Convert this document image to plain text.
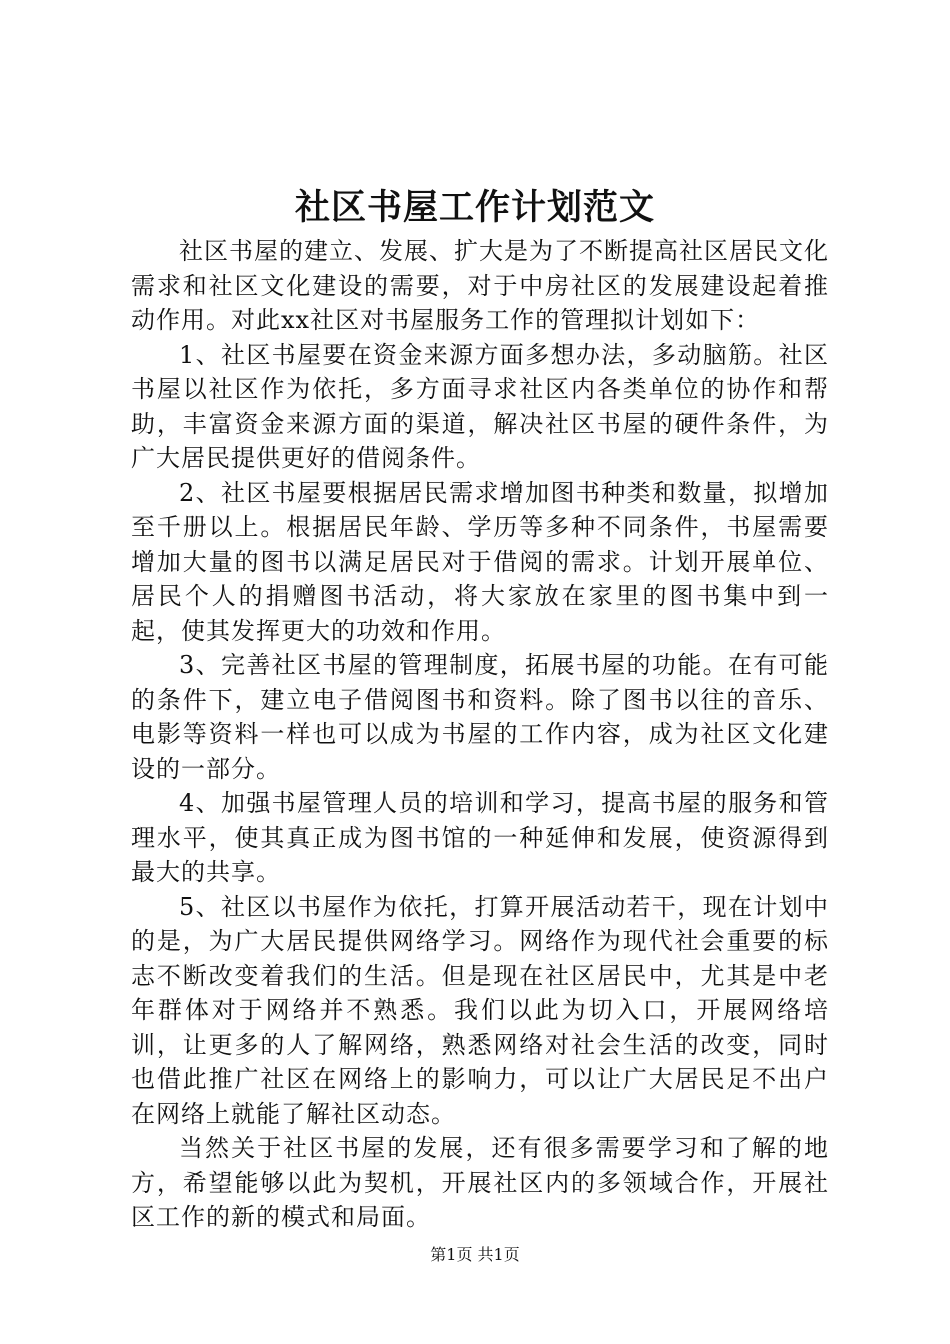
社区书屋工作计划范文

社区书屋的建立、发展、扩大是为了不断提高社区居民文化需求和社区文化建设的需要，对于中房社区的发展建设起着推动作用。对此xx社区对书屋服务工作的管理拟计划如下：

1、社区书屋要在资金来源方面多想办法，多动脑筋。社区书屋以社区作为依托，多方面寻求社区内各类单位的协作和帮助，丰富资金来源方面的渠道，解决社区书屋的硬件条件，为广大居民提供更好的借阅条件。

2、社区书屋要根据居民需求增加图书种类和数量，拟增加至千册以上。根据居民年龄、学历等多种不同条件，书屋需要增加大量的图书以满足居民对于借阅的需求。计划开展单位、居民个人的捐赠图书活动，将大家放在家里的图书集中到一起，使其发挥更大的功效和作用。

3、完善社区书屋的管理制度，拓展书屋的功能。在有可能的条件下，建立电子借阅图书和资料。除了图书以往的音乐、电影等资料一样也可以成为书屋的工作内容，成为社区文化建设的一部分。

4、加强书屋管理人员的培训和学习，提高书屋的服务和管理水平，使其真正成为图书馆的一种延伸和发展，使资源得到最大的共享。

5、社区以书屋作为依托，打算开展活动若干，现在计划中的是，为广大居民提供网络学习。网络作为现代社会重要的标志不断改变着我们的生活。但是现在社区居民中，尤其是中老年群体对于网络并不熟悉。我们以此为切入口，开展网络培训，让更多的人了解网络，熟悉网络对社会生活的改变，同时也借此推广社区在网络上的影响力，可以让广大居民足不出户在网络上就能了解社区动态。

当然关于社区书屋的发展，还有很多需要学习和了解的地方，希望能够以此为契机，开展社区内的多领域合作，开展社区工作的新的模式和局面。

第1页 共1页
